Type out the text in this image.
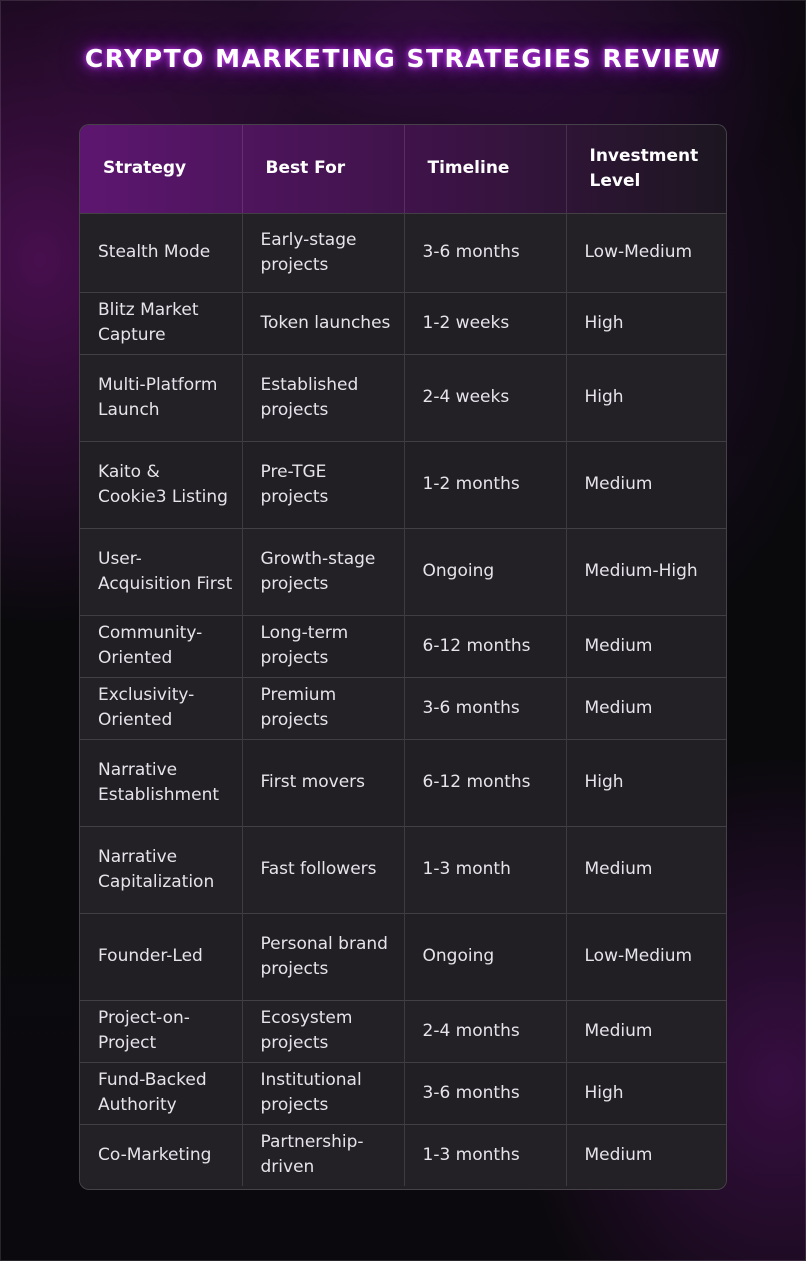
CRYPTO MARKETING STRATEGIES REVIEW
Strategy	Best For	Timeline	Investment Level
Stealth Mode	Early-stage projects	3-6 months	Low-Medium
Blitz Market Capture	Token launches	1-2 weeks	High
Multi-Platform Launch	Established projects	2-4 weeks	High
Kaito & Cookie3 Listing	Pre-TGE projects	1-2 months	Medium
User-Acquisition First	Growth-stage projects	Ongoing	Medium-High
Community-Oriented	Long-term projects	6-12 months	Medium
Exclusivity-Oriented	Premium projects	3-6 months	Medium
Narrative Establishment	First movers	6-12 months	High
Narrative Capitalization	Fast followers	1-3 month	Medium
Founder-Led	Personal brand projects	Ongoing	Low-Medium
Project-on-Project	Ecosystem projects	2-4 months	Medium
Fund-Backed Authority	Institutional projects	3-6 months	High
Co-Marketing	Partnership-driven	1-3 months	Medium
